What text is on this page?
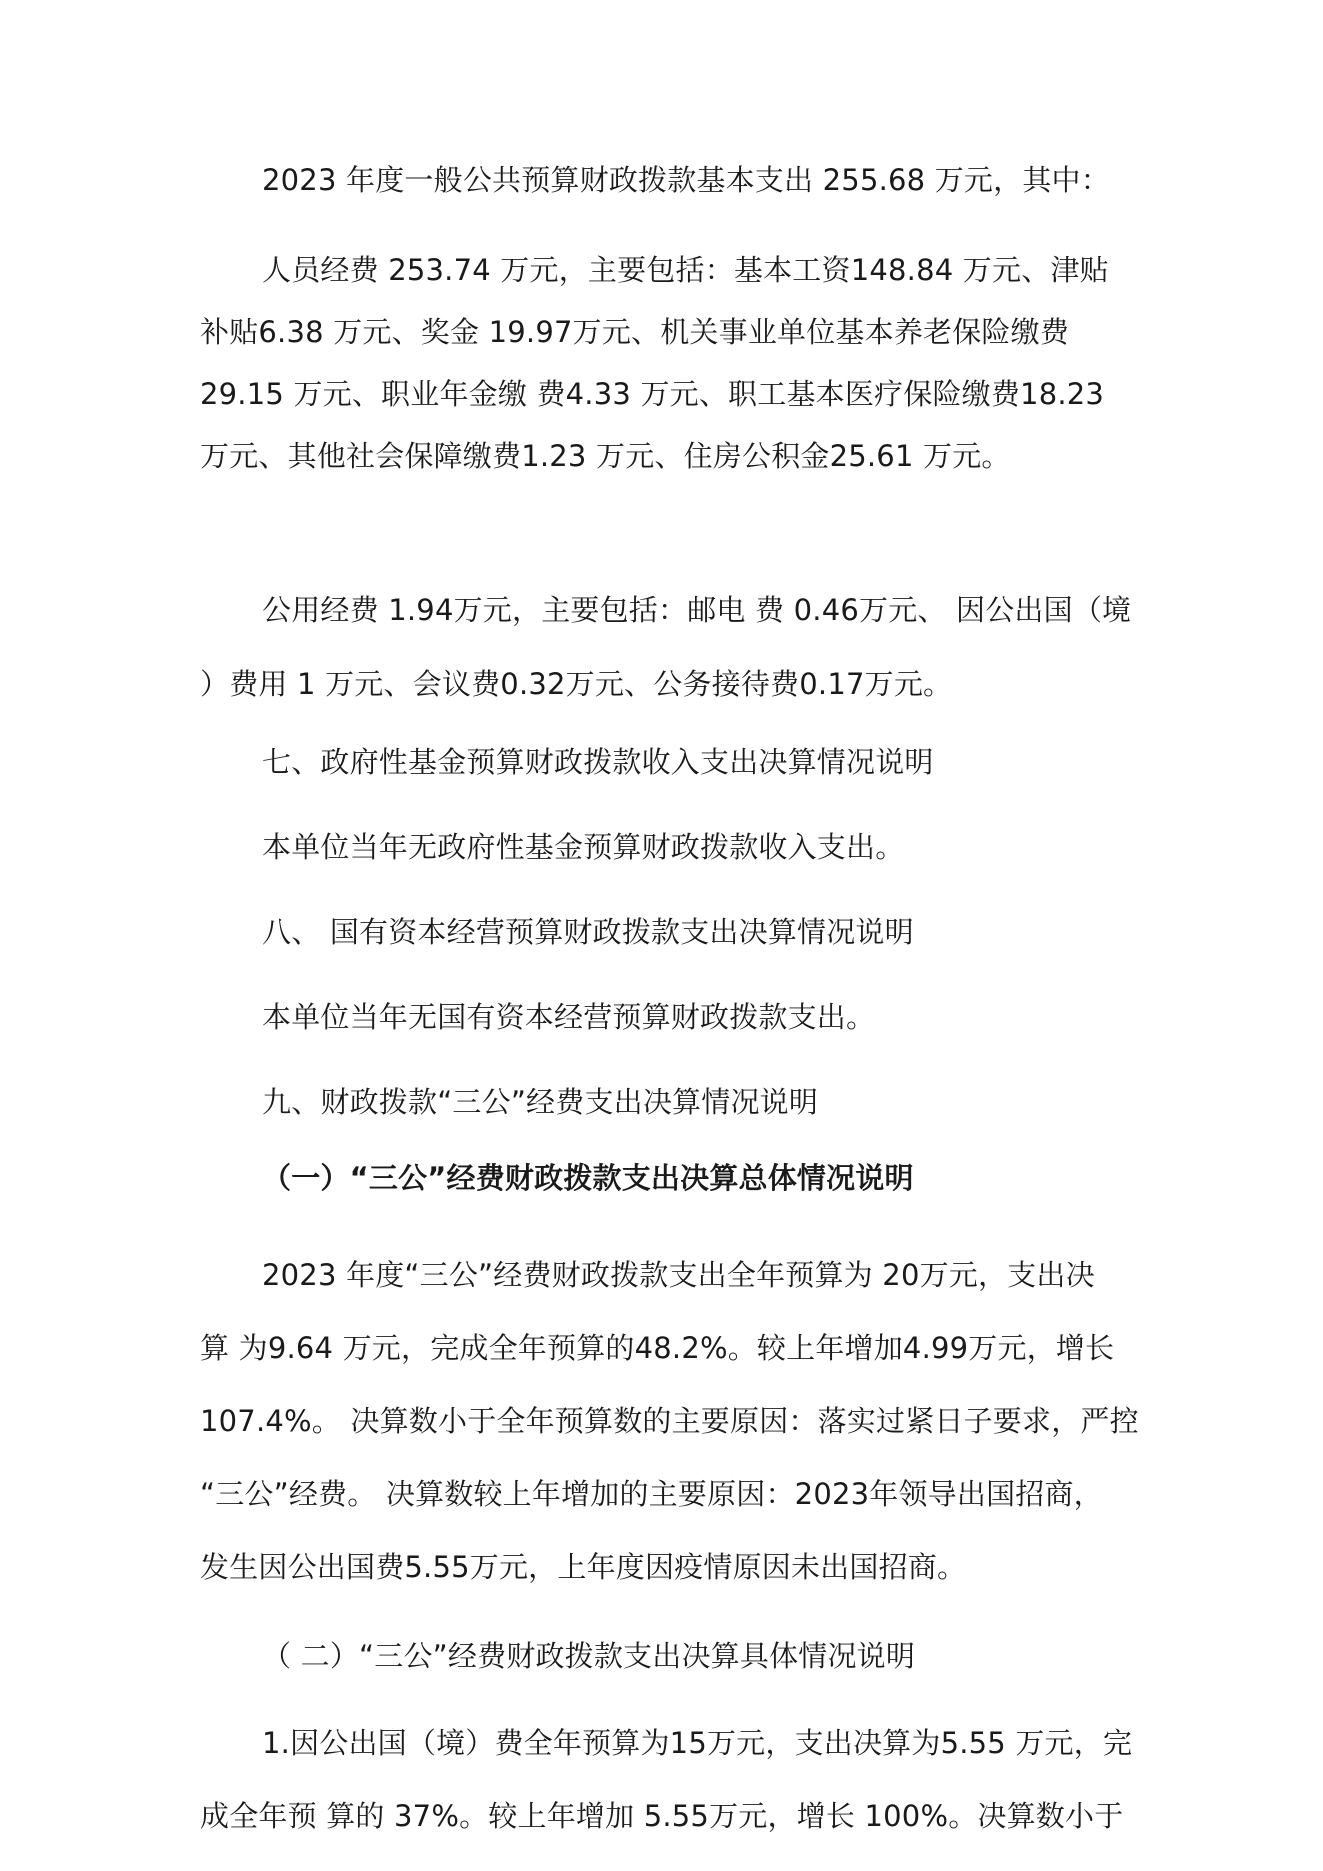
2023 年度一般公共预算财政拨款基本支出 255.68 万元，其中：
人员经费 253.74 万元，主要包括：基本工资148.84 万元、津贴
补贴6.38 万元、奖金 19.97万元、机关事业单位基本养老保险缴费
29.15 万元、职业年金缴 费4.33 万元、职工基本医疗保险缴费18.23
万元、其他社会保障缴费1.23 万元、住房公积金25.61 万元。
公用经费 1.94万元，主要包括：邮电 费 0.46万元、 因公出国（境
）费用 1 万元、会议费0.32万元、公务接待费0.17万元。
七、政府性基金预算财政拨款收入支出决算情况说明
本单位当年无政府性基金预算财政拨款收入支出。
八、 国有资本经营预算财政拨款支出决算情况说明
本单位当年无国有资本经营预算财政拨款支出。
九、财政拨款“三公”经费支出决算情况说明
（一）“三公”经费财政拨款支出决算总体情况说明
2023 年度“三公”经费财政拨款支出全年预算为 20万元，支出决
算 为9.64 万元，完成全年预算的48.2%。较上年增加4.99万元，增长
107.4%。 决算数小于全年预算数的主要原因：落实过紧日子要求，严控
“三公”经费。 决算数较上年增加的主要原因：2023年领导出国招商，
发生因公出国费5.55万元，上年度因疫情原因未出国招商。
（ 二）“三公”经费财政拨款支出决算具体情况说明
1.因公出国（境）费全年预算为15万元，支出决算为5.55 万元，完
成全年预 算的 37%。较上年增加 5.55万元，增长 100%。决算数小于
